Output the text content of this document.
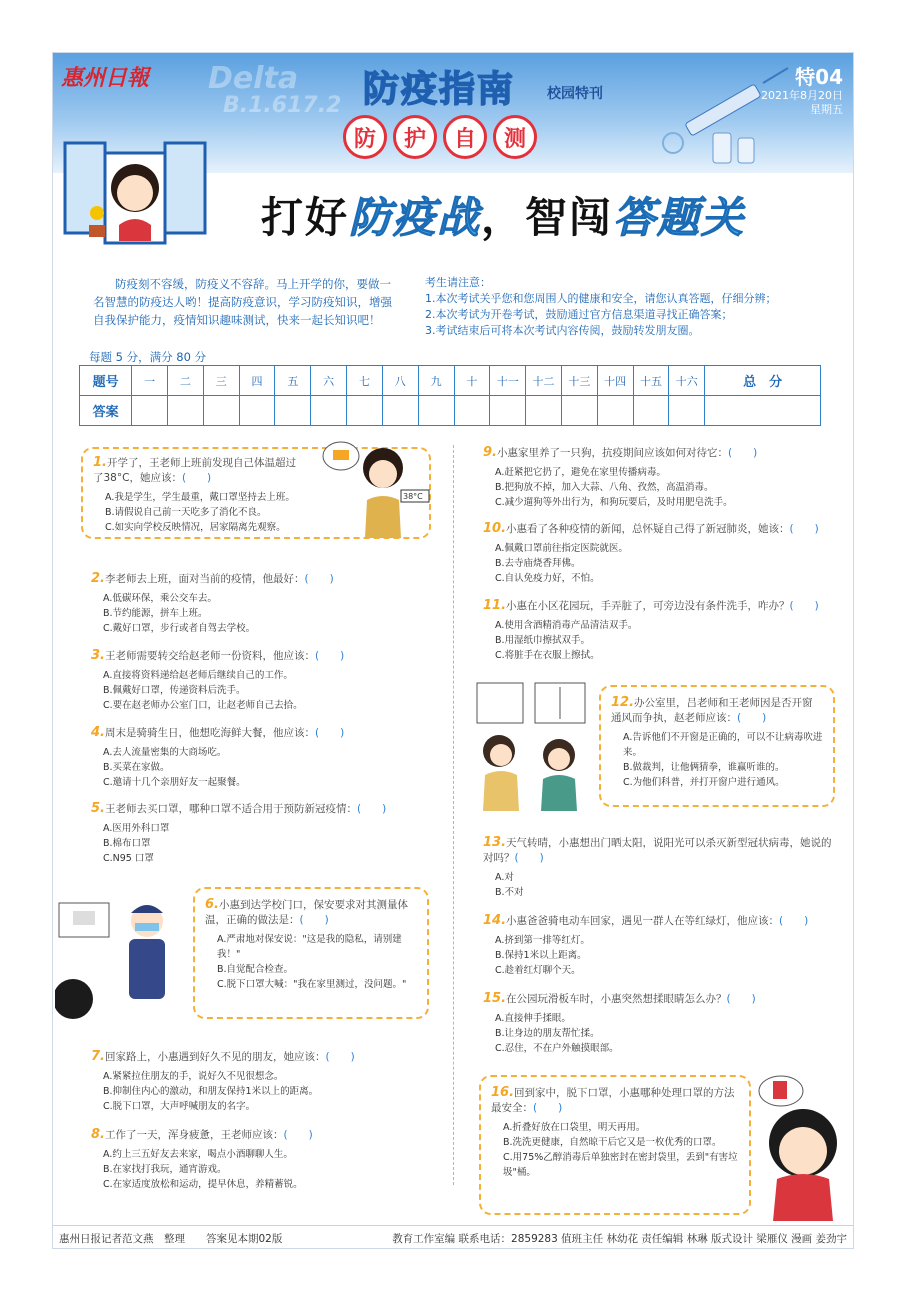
惠州日報 Delta
B.1.617.2 防疫指南 校园特刊
防	护	自	测
特04
2021年8月20日
星期五
打好防疫战，智闯答题关
防疫刻不容缓，防疫义不容辞。马上开学的你，要做一名智慧的防疫达人哟！提高防疫意识，学习防疫知识，增强自我保护能力，疫情知识趣味测试，快来一起长知识吧！
考生请注意：
1.本次考试关乎您和您周围人的健康和安全，请您认真答题，仔细分辨；
2.本次考试为开卷考试，鼓励通过官方信息渠道寻找正确答案；
3.考试结束后可将本次考试内容传阅，鼓励转发朋友圈。
每题 5 分，满分 80 分
题号	一	二	三	四	五	六	七	八	九	十	十一	十二	十三	十四	十五	十六	总　分
答案																	
1.开学了，王老师上班前发现自己体温超过了38°C，她应该：(　　)
A.我是学生，学生最重，戴口罩坚持去上班。
B.请假说自己前一天吃多了消化不良。
C.如实向学校反映情况，居家隔离先观察。
38°C
2.李老师去上班，面对当前的疫情，他最好：(　　)
A.低碳环保，乘公交车去。
B.节约能源，拼车上班。
C.戴好口罩，步行或者自驾去学校。
3.王老师需要转交给赵老师一份资料，他应该：(　　)
A.直接将资料递给赵老师后继续自己的工作。
B.佩戴好口罩，传递资料后洗手。
C.要在赵老师办公室门口，让赵老师自己去拾。
4.周末是骑骑生日，他想吃海鲜大餐，他应该：(　　)
A.去人流量密集的大商场吃。
B.买菜在家做。
C.邀请十几个亲朋好友一起聚餐。
5.王老师去买口罩，哪种口罩不适合用于预防新冠疫情：(　　)
A.医用外科口罩
B.棉布口罩
C.N95 口罩
6.小惠到达学校门口，保安要求对其测量体温，正确的做法是：(　　)
A.严肃地对保安说："这是我的隐私，请别建我！"
B.自觉配合检查。
C.脱下口罩大喊："我在家里测过，没问题。"
7.回家路上，小惠遇到好久不见的朋友，她应该：(　　)
A.紧紧拉住朋友的手，说好久不见很想念。
B.抑制住内心的激动，和朋友保持1米以上的距离。
C.脱下口罩，大声呼喊朋友的名字。
8.工作了一天，浑身疲惫，王老师应该：(　　)
A.约上三五好友去来家，喝点小酒聊聊人生。
B.在家找打我玩，通宵游戏。
C.在家适度放松和运动，提早休息，养精蓄锐。
9.小惠家里养了一只狗，抗疫期间应该如何对待它：(　　)
A.赶紧把它扔了，避免在家里传播病毒。
B.把狗放不掉，加入大蒜、八角、孜然，高温消毒。
C.减少遛狗等外出行为，和狗玩要后，及时用肥皂洗手。
10.小惠看了各种疫情的新闻，总怀疑自己得了新冠肺炎，她该：(　　)
A.佩戴口罩前往指定医院就医。
B.去寺庙烧香拜佛。
C.自认免疫力好，不怕。
11.小惠在小区花园玩，手弄脏了，可旁边没有条件洗手，咋办？(　　)
A.使用含酒精消毒产品清洁双手。
B.用湿纸巾擦拭双手。
C.将脏手在衣服上擦拭。
12.办公室里，吕老师和王老师因是否开窗通风而争执，赵老师应该：(　　)
A.告诉他们不开窗是正确的，可以不让病毒吹进来。
B.做裁判，让他俩猜拳，谁赢听谁的。
C.为他们科普，并打开窗户进行通风。
13.天气转晴，小惠想出门晒太阳，说阳光可以杀灭新型冠状病毒，她说的对吗？(　　)
A.对
B.不对
14.小惠爸爸骑电动车回家，遇见一群人在等红绿灯，他应该：(　　)
A.挤到第一排等红灯。
B.保持1米以上距离。
C.趁着红灯聊个天。
15.在公园玩滑板车时，小惠突然想揉眼睛怎么办？(　　)
A.直接伸手揉眼。
B.让身边的朋友帮忙揉。
C.忍住，不在户外触摸眼部。
16.回到家中，脱下口罩，小惠哪种处理口罩的方法最安全：(　　)
A.折叠好放在口袋里，明天再用。
B.洗洗更健康，自然晾干后它又是一枚优秀的口罩。
C.用75%乙醇消毒后单独密封在密封袋里，丢到"有害垃圾"桶。
惠州日报记者范文燕　整理　　答案见本期02版	教育工作室编 联系电话：2859283 值班主任 林幼花 责任编辑 林琳 版式设计 梁雁仪 漫画 姜劲宇
